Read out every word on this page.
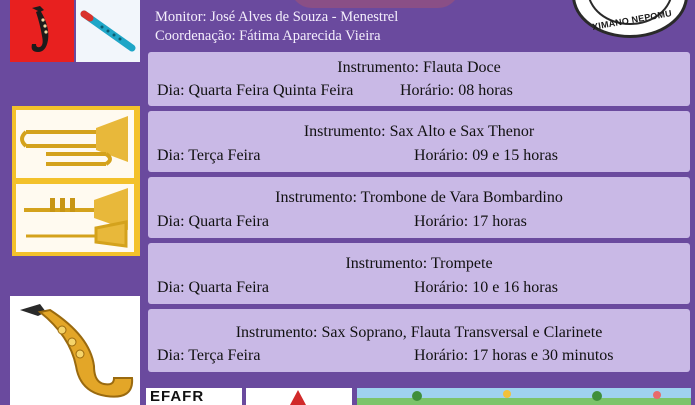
Monitor: José Alves de Souza - Menestrel
Coordenação: Fátima Aparecida Vieira
XIMANO NEPOMU
Instrumento: Flauta Doce
Dia: Quarta Feira Quinta Feira	Horário: 08 horas
Instrumento: Sax Alto e Sax Thenor
Dia: Terça Feira	Horário: 09 e 15 horas
Instrumento: Trombone de Vara Bombardino
Dia: Quarta Feira	Horário: 17 horas
Instrumento: Trompete
Dia: Quarta Feira	Horário: 10 e 16 horas
Instrumento: Sax Soprano, Flauta Transversal e Clarinete
Dia: Terça Feira	Horário: 17 horas e 30 minutos
EFAFR
